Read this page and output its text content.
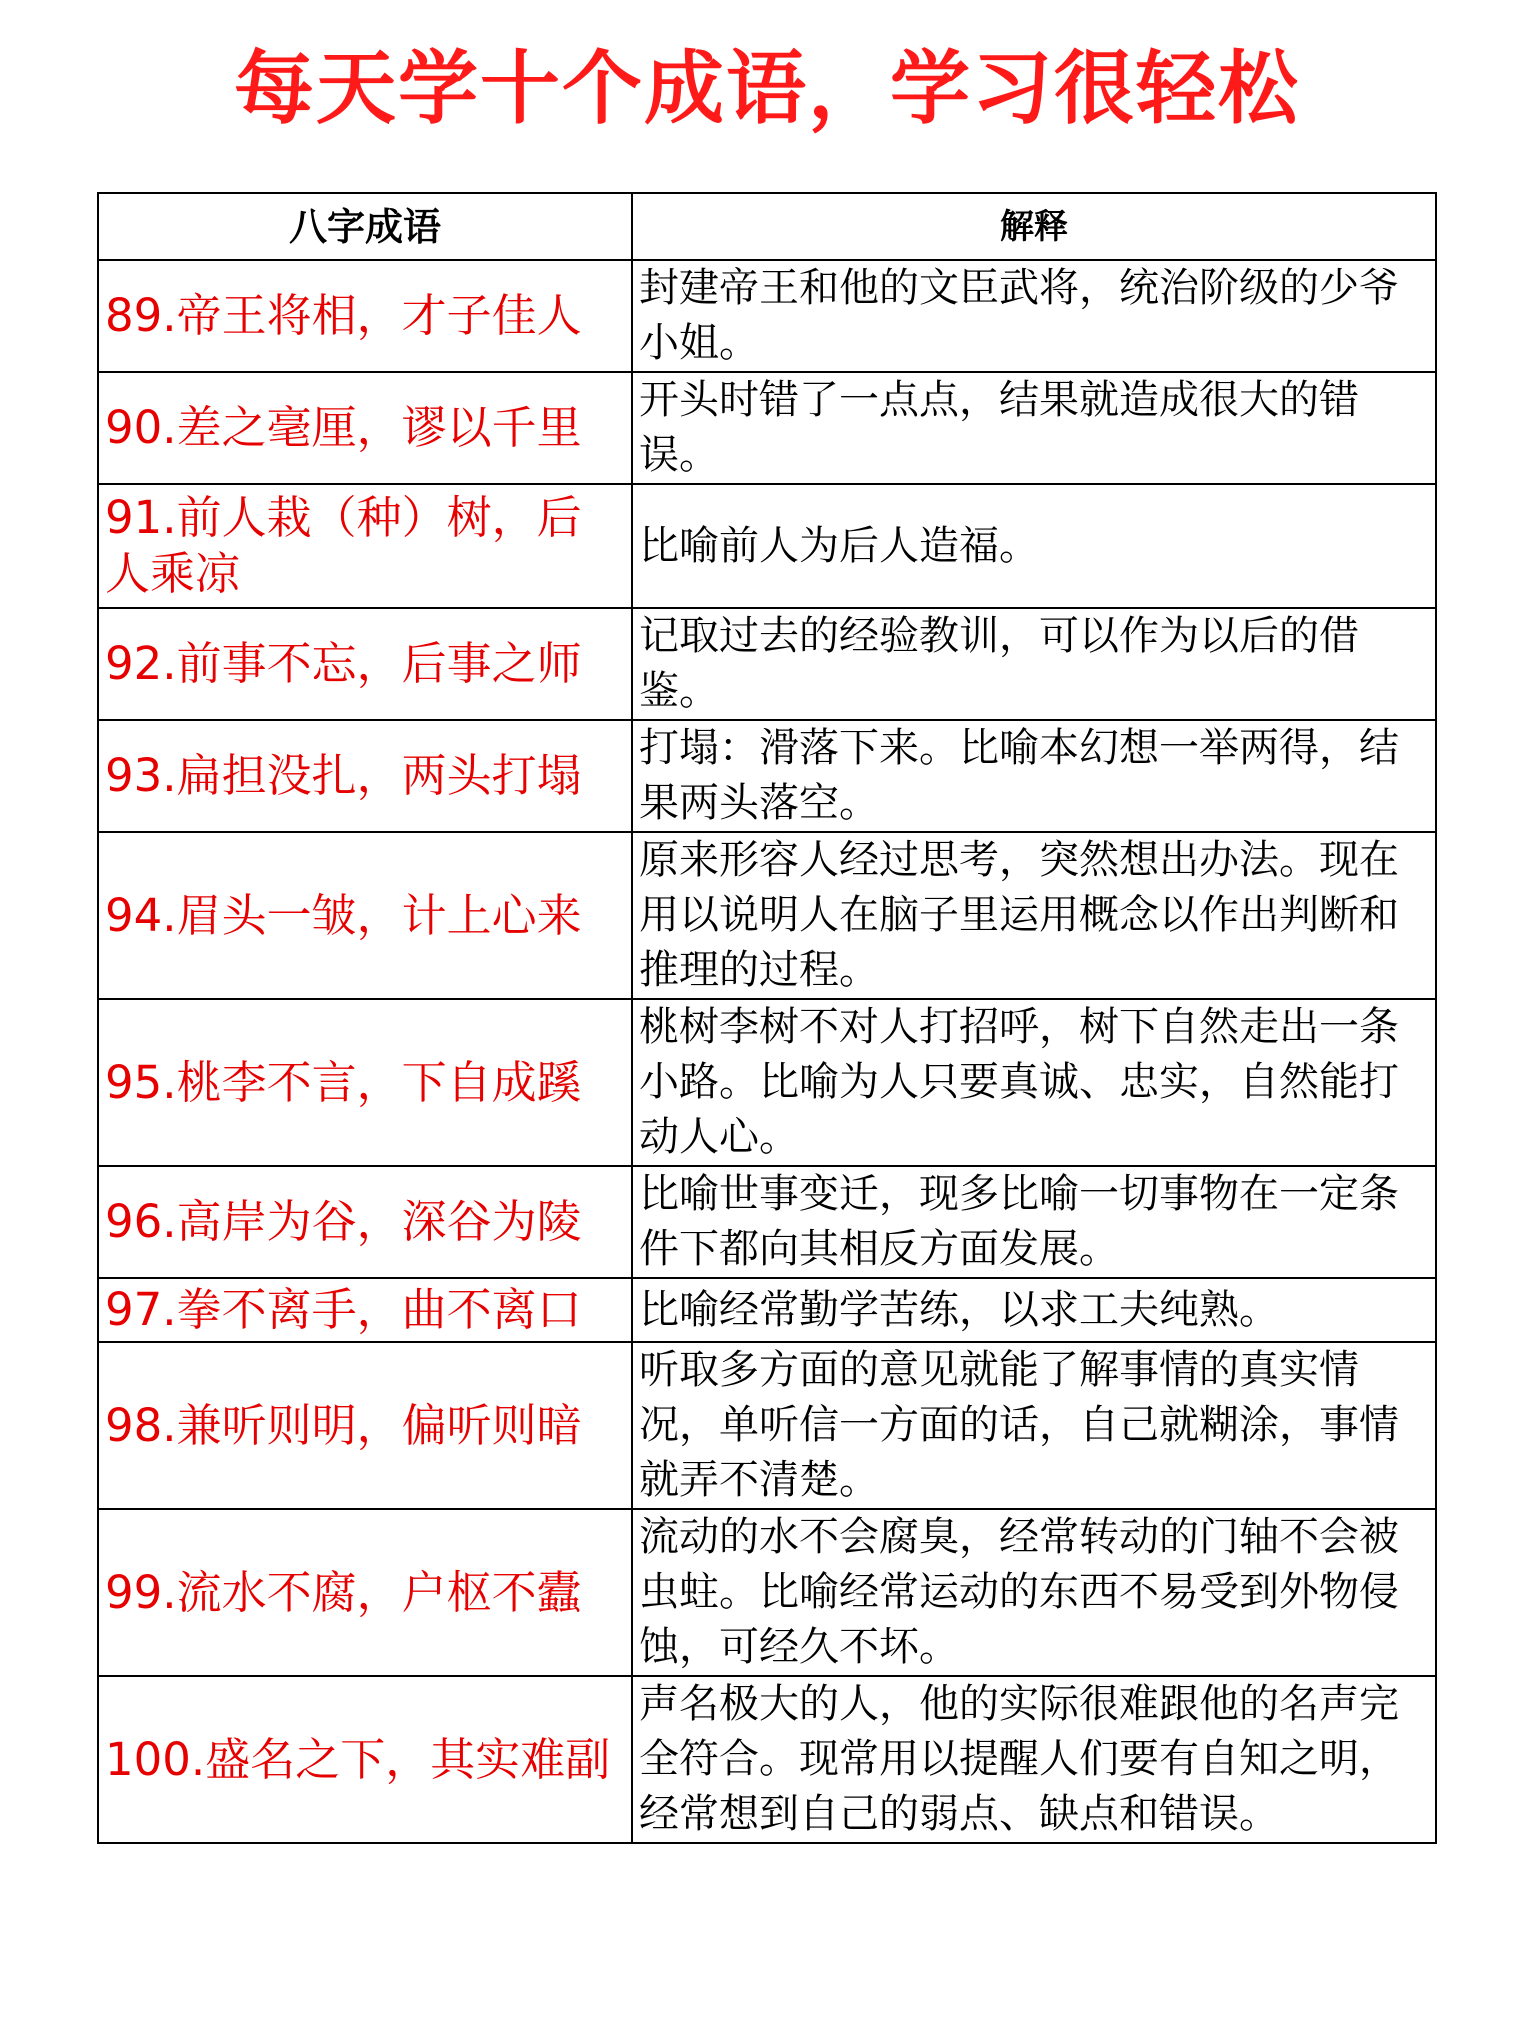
每天学十个成语，学习很轻松
八字成语	解释
89.帝王将相，才子佳人	封建帝王和他的文臣武将，统治阶级的少爷小姐。
90.差之毫厘，谬以千里	开头时错了一点点，结果就造成很大的错误。
91.前人栽（种）树，后人乘凉	比喻前人为后人造福。
92.前事不忘，后事之师	记取过去的经验教训，可以作为以后的借鉴。
93.扁担没扎，两头打塌	打塌：滑落下来。比喻本幻想一举两得，结果两头落空。
94.眉头一皱，计上心来	原来形容人经过思考，突然想出办法。现在用以说明人在脑子里运用概念以作出判断和推理的过程。
95.桃李不言，下自成蹊	桃树李树不对人打招呼，树下自然走出一条小路。比喻为人只要真诚、忠实，自然能打动人心。
96.高岸为谷，深谷为陵	比喻世事变迁，现多比喻一切事物在一定条件下都向其相反方面发展。
97.拳不离手，曲不离口	比喻经常勤学苦练，以求工夫纯熟。
98.兼听则明，偏听则暗	听取多方面的意见就能了解事情的真实情况，单听信一方面的话，自己就糊涂，事情就弄不清楚。
99.流水不腐，户枢不蠹	流动的水不会腐臭，经常转动的门轴不会被虫蛀。比喻经常运动的东西不易受到外物侵蚀，可经久不坏。
100.盛名之下，其实难副	声名极大的人，他的实际很难跟他的名声完全符合。现常用以提醒人们要有自知之明，经常想到自己的弱点、缺点和错误。
